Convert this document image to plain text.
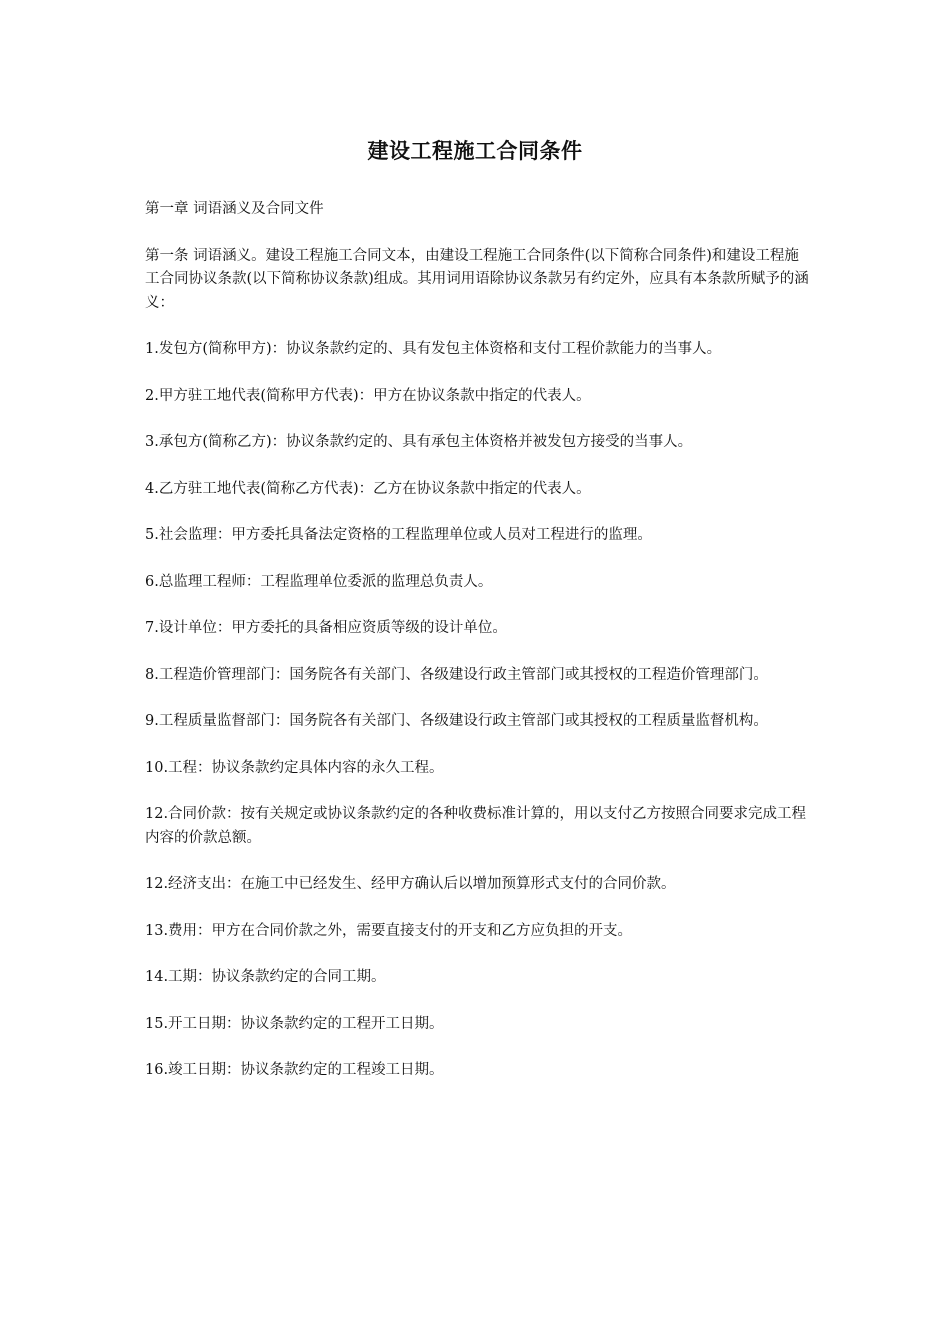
建设工程施工合同条件

第一章 词语涵义及合同文件

第一条 词语涵义。建设工程施工合同文本，由建设工程施工合同条件(以下简称合同条件)和建设工程施工合同协议条款(以下简称协议条款)组成。其用词用语除协议条款另有约定外，应具有本条款所赋予的涵义：

1.发包方(简称甲方)：协议条款约定的、具有发包主体资格和支付工程价款能力的当事人。

2.甲方驻工地代表(简称甲方代表)：甲方在协议条款中指定的代表人。

3.承包方(简称乙方)：协议条款约定的、具有承包主体资格并被发包方接受的当事人。

4.乙方驻工地代表(简称乙方代表)：乙方在协议条款中指定的代表人。

5.社会监理：甲方委托具备法定资格的工程监理单位或人员对工程进行的监理。

6.总监理工程师：工程监理单位委派的监理总负责人。

7.设计单位：甲方委托的具备相应资质等级的设计单位。

8.工程造价管理部门：国务院各有关部门、各级建设行政主管部门或其授权的工程造价管理部门。

9.工程质量监督部门：国务院各有关部门、各级建设行政主管部门或其授权的工程质量监督机构。

10.工程：协议条款约定具体内容的永久工程。

12.合同价款：按有关规定或协议条款约定的各种收费标准计算的，用以支付乙方按照合同要求完成工程内容的价款总额。

12.经济支出：在施工中已经发生、经甲方确认后以增加预算形式支付的合同价款。

13.费用：甲方在合同价款之外，需要直接支付的开支和乙方应负担的开支。

14.工期：协议条款约定的合同工期。

15.开工日期：协议条款约定的工程开工日期。

16.竣工日期：协议条款约定的工程竣工日期。
